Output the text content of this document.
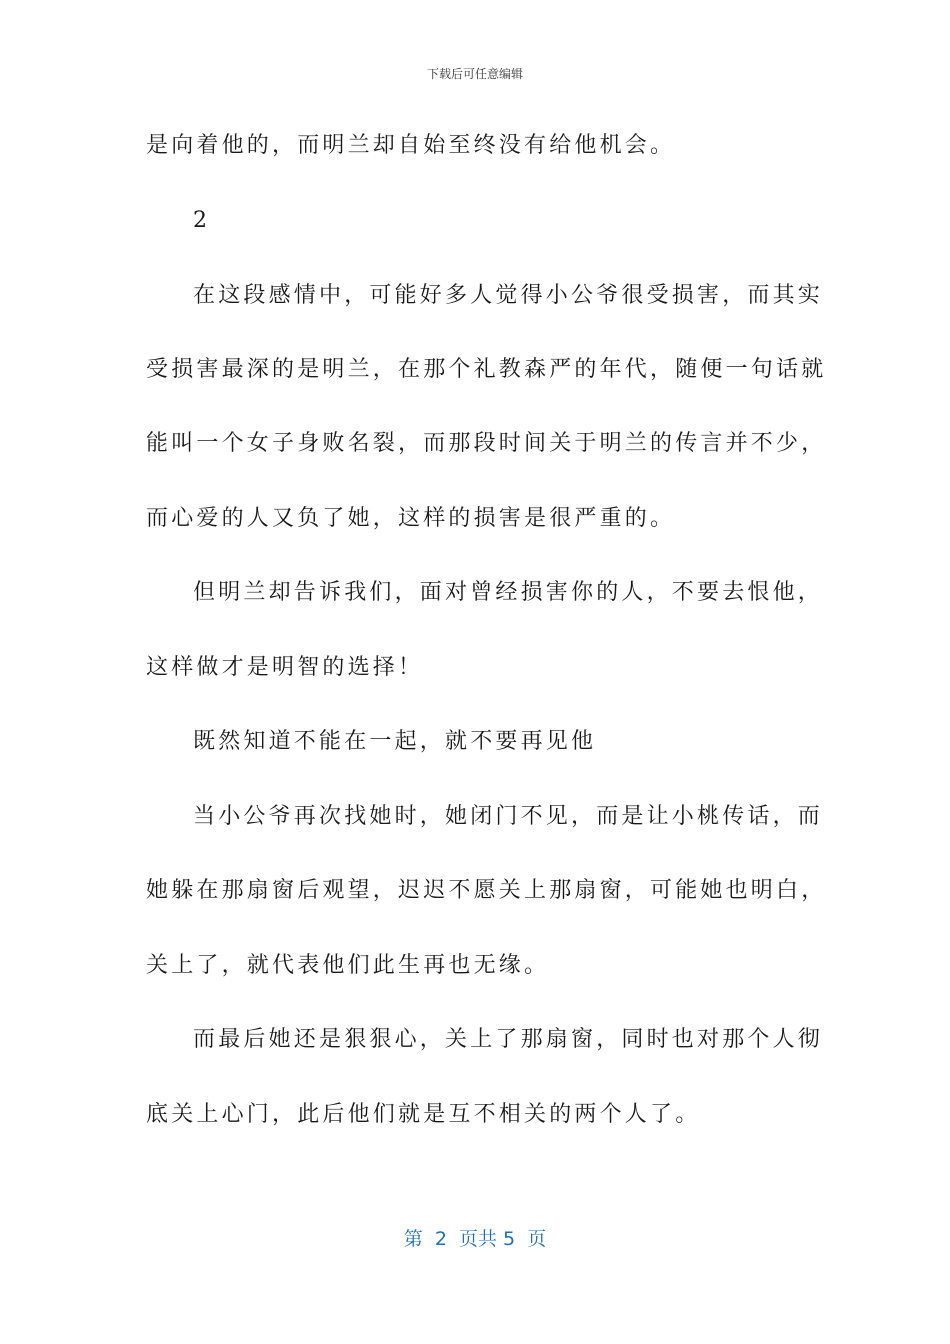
下载后可任意编辑
是向着他的，而明兰却自始至终没有给他机会。
2
在这段感情中，可能好多人觉得小公爷很受损害，而其实
受损害最深的是明兰，在那个礼教森严的年代，随便一句话就
能叫一个女子身败名裂，而那段时间关于明兰的传言并不少，
而心爱的人又负了她，这样的损害是很严重的。
但明兰却告诉我们，面对曾经损害你的人，不要去恨他，
这样做才是明智的选择！
既然知道不能在一起，就不要再见他
当小公爷再次找她时，她闭门不见，而是让小桃传话，而
她躲在那扇窗后观望，迟迟不愿关上那扇窗，可能她也明白，
关上了，就代表他们此生再也无缘。
而最后她还是狠狠心，关上了那扇窗，同时也对那个人彻
底关上心门，此后他们就是互不相关的两个人了。
第  2  页共 5  页
